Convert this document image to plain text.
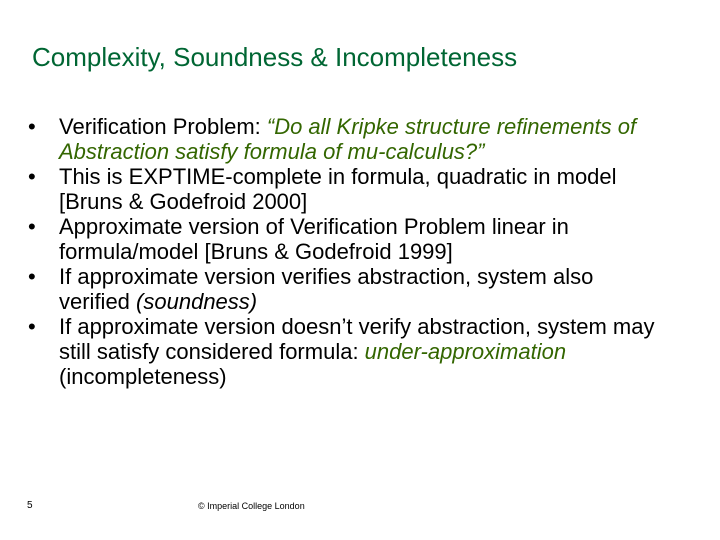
Complexity, Soundness & Incompleteness
•	Verification Problem: “Do all Kripke structure refinements of Abstraction satisfy formula of mu-calculus?”
•	This is EXPTIME-complete in formula, quadratic in model [Bruns & Godefroid 2000]
•	Approximate version of Verification Problem linear in formula/model [Bruns & Godefroid 1999]
•	If approximate version verifies abstraction, system also verified (soundness)
•	If approximate version doesn’t verify abstraction, system may still satisfy considered formula: under-approximation (incompleteness)
5	© Imperial College London
